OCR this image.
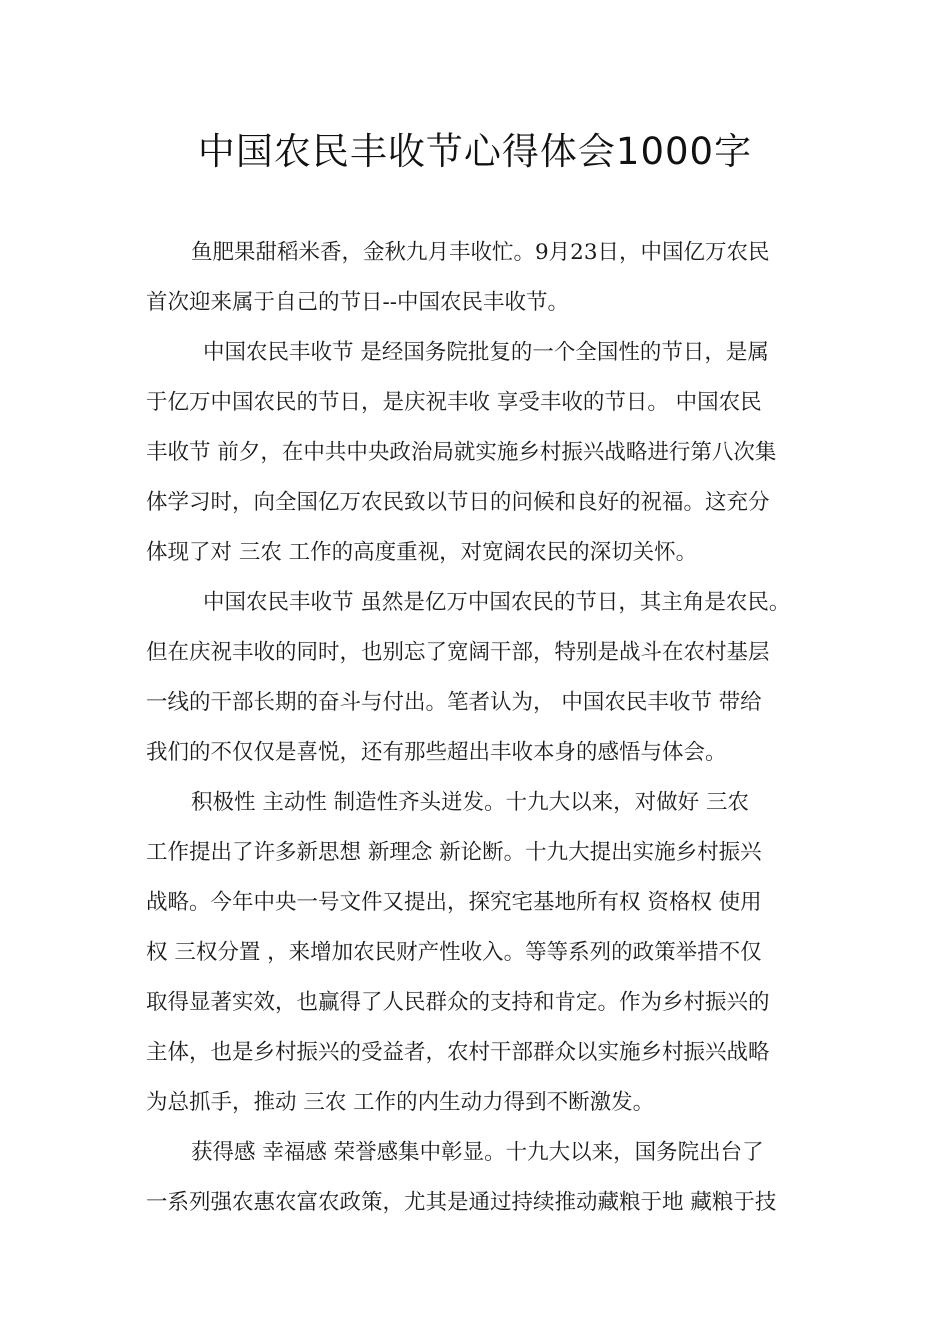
中国农民丰收节心得体会1000字
鱼肥果甜稻米香，金秋九月丰收忙。9月23日，中国亿万农民
首次迎来属于自己的节日--中国农民丰收节。
中国农民丰收节 是经国务院批复的一个全国性的节日，是属
于亿万中国农民的节日，是庆祝丰收 享受丰收的节日。 中国农民
丰收节 前夕，在中共中央政治局就实施乡村振兴战略进行第八次集
体学习时，向全国亿万农民致以节日的问候和良好的祝福。这充分
体现了对 三农 工作的高度重视，对宽阔农民的深切关怀。
中国农民丰收节 虽然是亿万中国农民的节日，其主角是农民。
但在庆祝丰收的同时，也别忘了宽阔干部，特别是战斗在农村基层
一线的干部长期的奋斗与付出。笔者认为， 中国农民丰收节 带给
我们的不仅仅是喜悦，还有那些超出丰收本身的感悟与体会。
积极性 主动性 制造性齐头迸发。十九大以来，对做好 三农
工作提出了许多新思想 新理念 新论断。十九大提出实施乡村振兴
战略。今年中央一号文件又提出，探究宅基地所有权 资格权 使用
权 三权分置 ，来增加农民财产性收入。等等系列的政策举措不仅
取得显著实效，也赢得了人民群众的支持和肯定。作为乡村振兴的
主体，也是乡村振兴的受益者，农村干部群众以实施乡村振兴战略
为总抓手，推动 三农 工作的内生动力得到不断激发。
获得感 幸福感 荣誉感集中彰显。十九大以来，国务院出台了
一系列强农惠农富农政策，尤其是通过持续推动藏粮于地 藏粮于技
